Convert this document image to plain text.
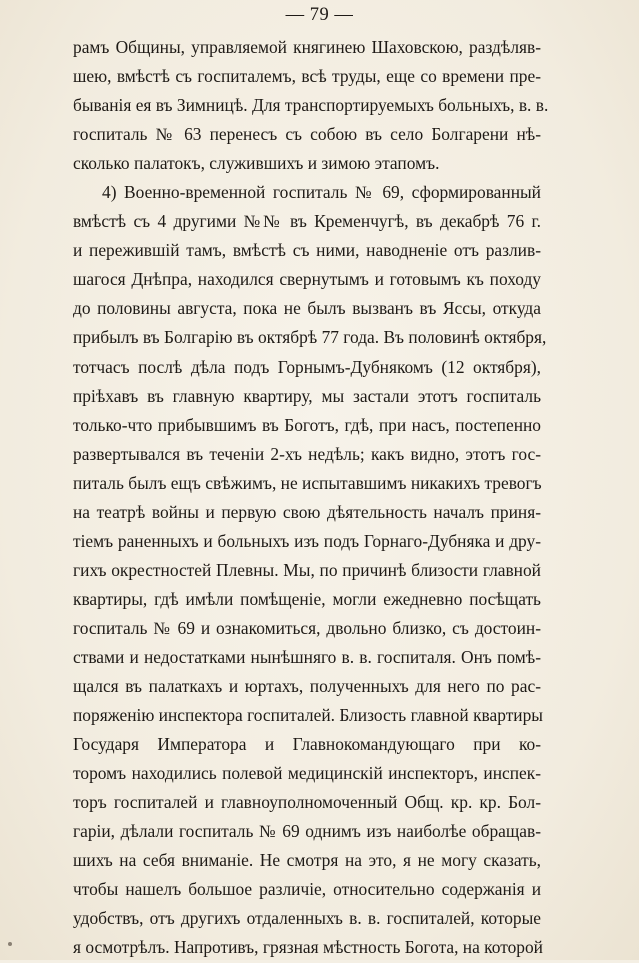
— 79 —
рамъ Общины, управляемой княгинею Шаховскою, раздѣляв-
шею, вмѣстѣ съ госпиталемъ, всѣ труды, еще со времени пре-
быванія ея въ Зимницѣ. Для транспортируемыхъ больныхъ, в. в.
госпиталь № 63 перенесъ съ собою въ село Болгарени нѣ-
сколько палатокъ, служившихъ и зимою этапомъ.
4) Военно-временной госпиталь № 69, сформированный
вмѣстѣ съ 4 другими №№ въ Кременчугѣ, въ декабрѣ 76 г.
и пережившій тамъ, вмѣстѣ съ ними, наводненіе отъ разлив-
шагося Днѣпра, находился свернутымъ и готовымъ къ походу
до половины августа, пока не былъ вызванъ въ Яссы, откуда
прибылъ въ Болгарію въ октябрѣ 77 года. Въ половинѣ октября,
тотчасъ послѣ дѣла подъ Горнымъ-Дубнякомъ (12 октября),
пріѣхавъ въ главную квартиру, мы застали этотъ госпиталь
только-что прибывшимъ въ Боготъ, гдѣ, при насъ, постепенно
развертывался въ теченіи 2-хъ недѣль; какъ видно, этотъ гос-
питаль былъ ещъ свѣжимъ, не испытавшимъ никакихъ тревогъ
на театрѣ войны и первую свою дѣятельность началъ приня-
тіемъ раненныхъ и больныхъ изъ подъ Горнаго-Дубняка и дру-
гихъ окрестностей Плевны. Мы, по причинѣ близости главной
квартиры, гдѣ имѣли помѣщеніе, могли ежедневно посѣщать
госпиталь № 69 и ознакомиться, двольно близко, съ достоин-
ствами и недостатками нынѣшняго в. в. госпиталя. Онъ помѣ-
щался въ палаткахъ и юртахъ, полученныхъ для него по рас-
поряженію инспектора госпиталей. Близость главной квартиры
Государя Императора и Главнокомандующаго при ко-
торомъ находились полевой медицинскій инспекторъ, инспек-
торъ госпиталей и главноуполномоченный Общ. кр. кр. Бол-
гаріи, дѣлали госпиталь № 69 однимъ изъ наиболѣе обращав-
шихъ на себя вниманіе. Не смотря на это, я не могу сказать,
чтобы нашелъ большое различіе, относительно содержанія и
удобствъ, отъ другихъ отдаленныхъ в. в. госпиталей, которые
я осмотрѣлъ. Напротивъ, грязная мѣстность Богота, на которой
